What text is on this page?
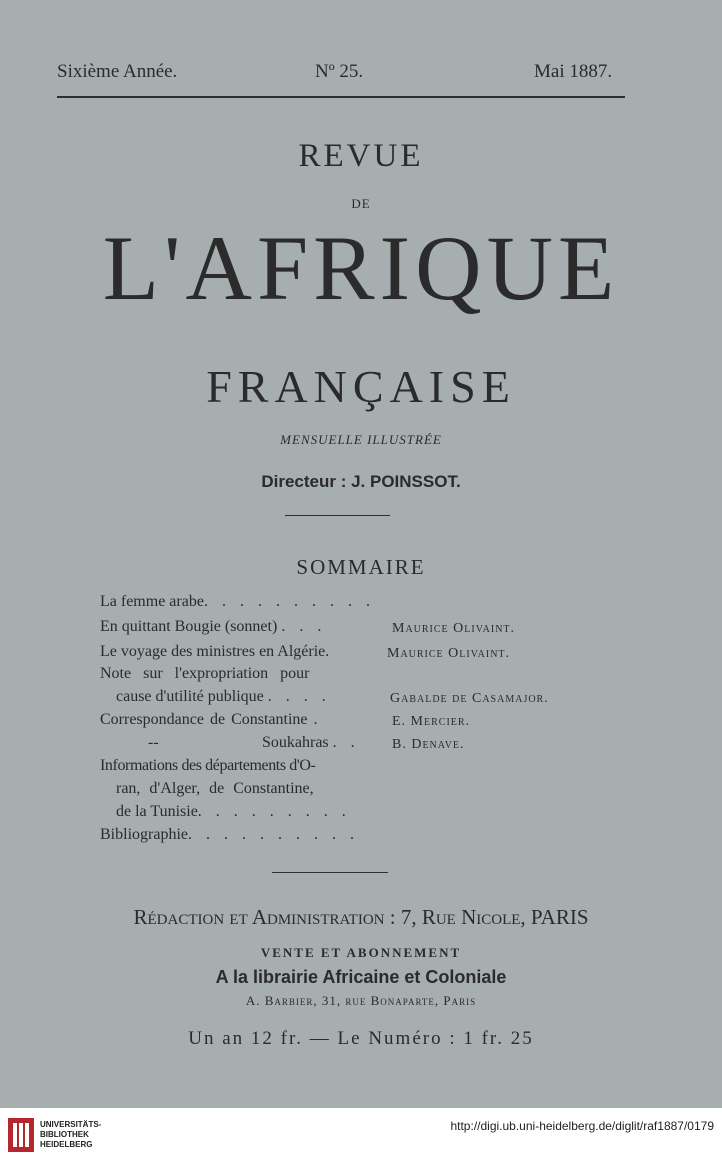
Sixième Année.	Nº 25.	Mai 1887.
REVUE
DE
L'AFRIQUE
FRANÇAISE
MENSUELLE ILLUSTRÉE
Directeur : J. POINSSOT.
SOMMAIRE
La femme arabe. . . . . . . . . .
En quittant Bougie (sonnet) . . .	Maurice Olivaint.
Le voyage des ministres en Algérie.	Maurice Olivaint.
Note sur l'expropriation pour
cause d'utilité publique . . . .	Gabalde de Casamajor.
Correspondance de Constantine .	E. Mercier.
--	Soukahras . . B. Denave.
Informations des départements d'O-
ran, d'Alger, de Constantine,
de la Tunisie. . . . . . . . .
Bibliographie. . . . . . . . . .
Rédaction et Administration : 7, Rue Nicole, PARIS
VENTE ET ABONNEMENT
A la librairie Africaine et Coloniale
A. Barbier, 31, rue Bonaparte, Paris
Un an 12 fr. — Le Numéro : 1 fr. 25
UNIVERSITÄTS-
BIBLIOTHEK
HEIDELBERG
http://digi.ub.uni-heidelberg.de/diglit/raf1887/0179
